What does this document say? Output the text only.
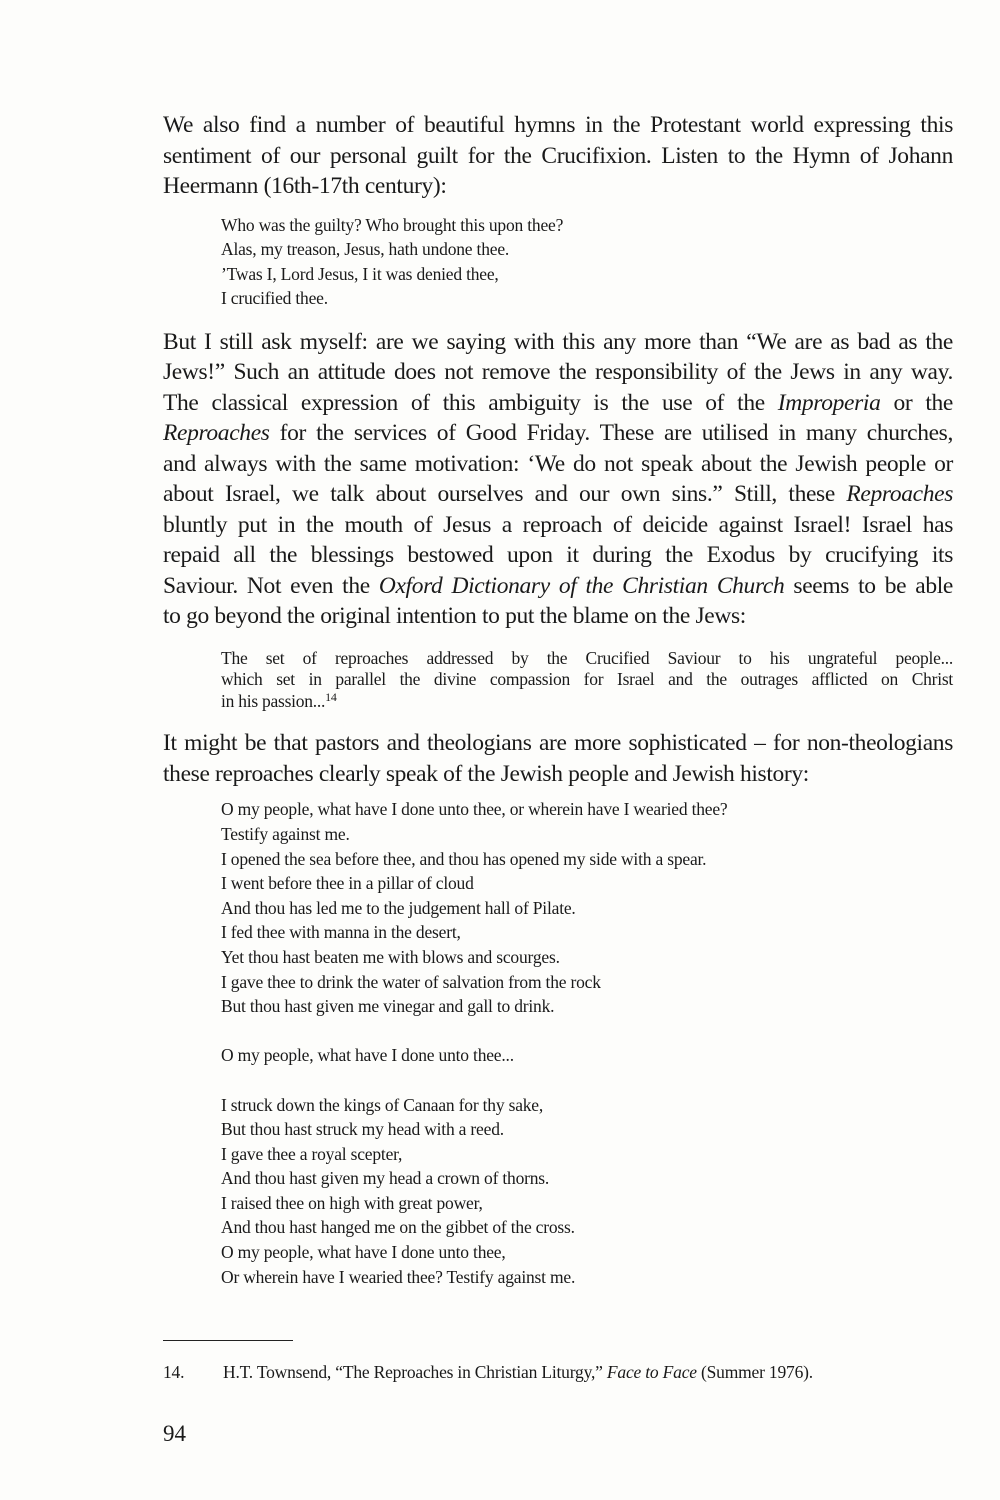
We also find a number of beautiful hymns in the Protestant world expressing this
sentiment of our personal guilt for the Crucifixion. Listen to the Hymn of Johann
Heermann (16th-17th century):

Who was the guilty? Who brought this upon thee?
Alas, my treason, Jesus, hath undone thee.
’Twas I, Lord Jesus, I it was denied thee,
I crucified thee.

But I still ask myself: are we saying with this any more than “We are as bad as the
Jews!” Such an attitude does not remove the responsibility of the Jews in any way.
The classical expression of this ambiguity is the use of the Improperia or the
Reproaches for the services of Good Friday. These are utilised in many churches,
and always with the same motivation: ‘We do not speak about the Jewish people or
about Israel, we talk about ourselves and our own sins.” Still, these Reproaches
bluntly put in the mouth of Jesus a reproach of deicide against Israel! Israel has
repaid all the blessings bestowed upon it during the Exodus by crucifying its
Saviour. Not even the Oxford Dictionary of the Christian Church seems to be able
to go beyond the original intention to put the blame on the Jews:

The set of reproaches addressed by the Crucified Saviour to his ungrateful people...
which set in parallel the divine compassion for Israel and the outrages afflicted on Christ
in his passion...$^{14}$

It might be that pastors and theologians are more sophisticated – for non-theologians
these reproaches clearly speak of the Jewish people and Jewish history:

O my people, what have I done unto thee, or wherein have I wearied thee?
Testify against me.
I opened the sea before thee, and thou has opened my side with a spear.
I went before thee in a pillar of cloud
And thou has led me to the judgement hall of Pilate.
I fed thee with manna in the desert,
Yet thou hast beaten me with blows and scourges.
I gave thee to drink the water of salvation from the rock
But thou hast given me vinegar and gall to drink.
O my people, what have I done unto thee...
I struck down the kings of Canaan for thy sake,
But thou hast struck my head with a reed.
I gave thee a royal scepter,
And thou hast given my head a crown of thorns.
I raised thee on high with great power,
And thou hast hanged me on the gibbet of the cross.
O my people, what have I done unto thee,
Or wherein have I wearied thee? Testify against me.
14. H.T. Townsend, “The Reproaches in Christian Liturgy,” Face to Face (Summer 1976).
94
